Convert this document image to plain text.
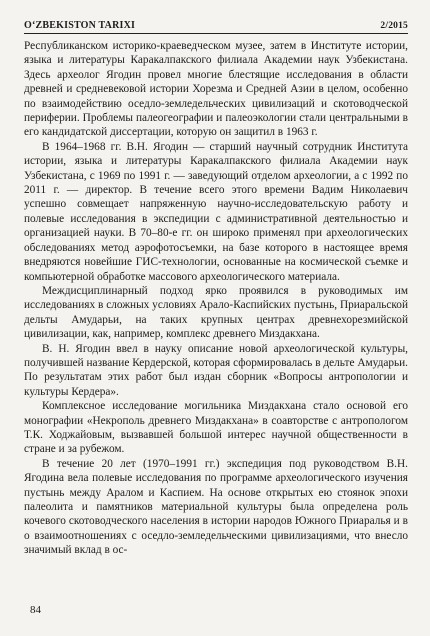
O‘ZBEKISTON TARIXI	2/2015

Республиканском историко-краеведческом музее, затем в Институте истории, языка и литературы Каракалпакского филиала Академии наук Узбекистана. Здесь археолог Ягодин провел многие блестящие исследования в области древней и средневековой истории Хорезма и Средней Азии в целом, особенно по взаимодействию оседло-земледельческих цивилизаций и скотоводческой периферии. Проблемы палеогеографии и палеоэкологии стали центральными в его кандидатской диссертации, которую он защитил в 1963 г.

В 1964–1968 гг. В.Н. Ягодин — старший научный сотрудник Института истории, языка и литературы Каракалпакского филиала Академии наук Узбекистана, с 1969 по 1991 г. — заведующий отделом археологии, а с 1992 по 2011 г. — директор. В течение всего этого времени Вадим Николаевич успешно совмещает напряженную научно-исследовательскую работу и полевые исследования в экспедиции с административной деятельностью и организацией науки. В 70–80-е гг. он широко применял при археологических обследованиях метод аэрофотосъемки, на базе которого в настоящее время внедряются новейшие ГИС-технологии, основанные на космической съемке и компьютерной обработке массового археологического материала.

Междисциплинарный подход ярко проявился в руководимых им исследованиях в сложных условиях Арало-Каспийских пустынь, Приаральской дельты Амударьи, на таких крупных центрах древнехорезмийской цивилизации, как, например, комплекс древнего Миздакхана.

В. Н. Ягодин ввел в науку описание новой археологической культуры, получившей название Кердерской, которая сформировалась в дельте Амударьи. По результатам этих работ был издан сборник «Вопросы антропологии и культуры Кердера».

Комплексное исследование могильника Миздакхана стало основой его монографии «Некрополь древнего Миздакхана» в соавторстве с антропологом Т.К. Ходжайовым, вызвавшей большой интерес научной общественности в стране и за рубежом.

В течение 20 лет (1970–1991 гг.) экспедиция под руководством В.Н. Ягодина вела полевые исследования по программе археологического изучения пустынь между Аралом и Каспием. На основе открытых ею стоянок эпохи палеолита и памятников материальной культуры была определена роль кочевого скотоводческого населения в истории народов Южного Приаралья и в о взаимоотношениях с оседло-земледельческими цивилизациями, что внесло значимый вклад в ос-

84
